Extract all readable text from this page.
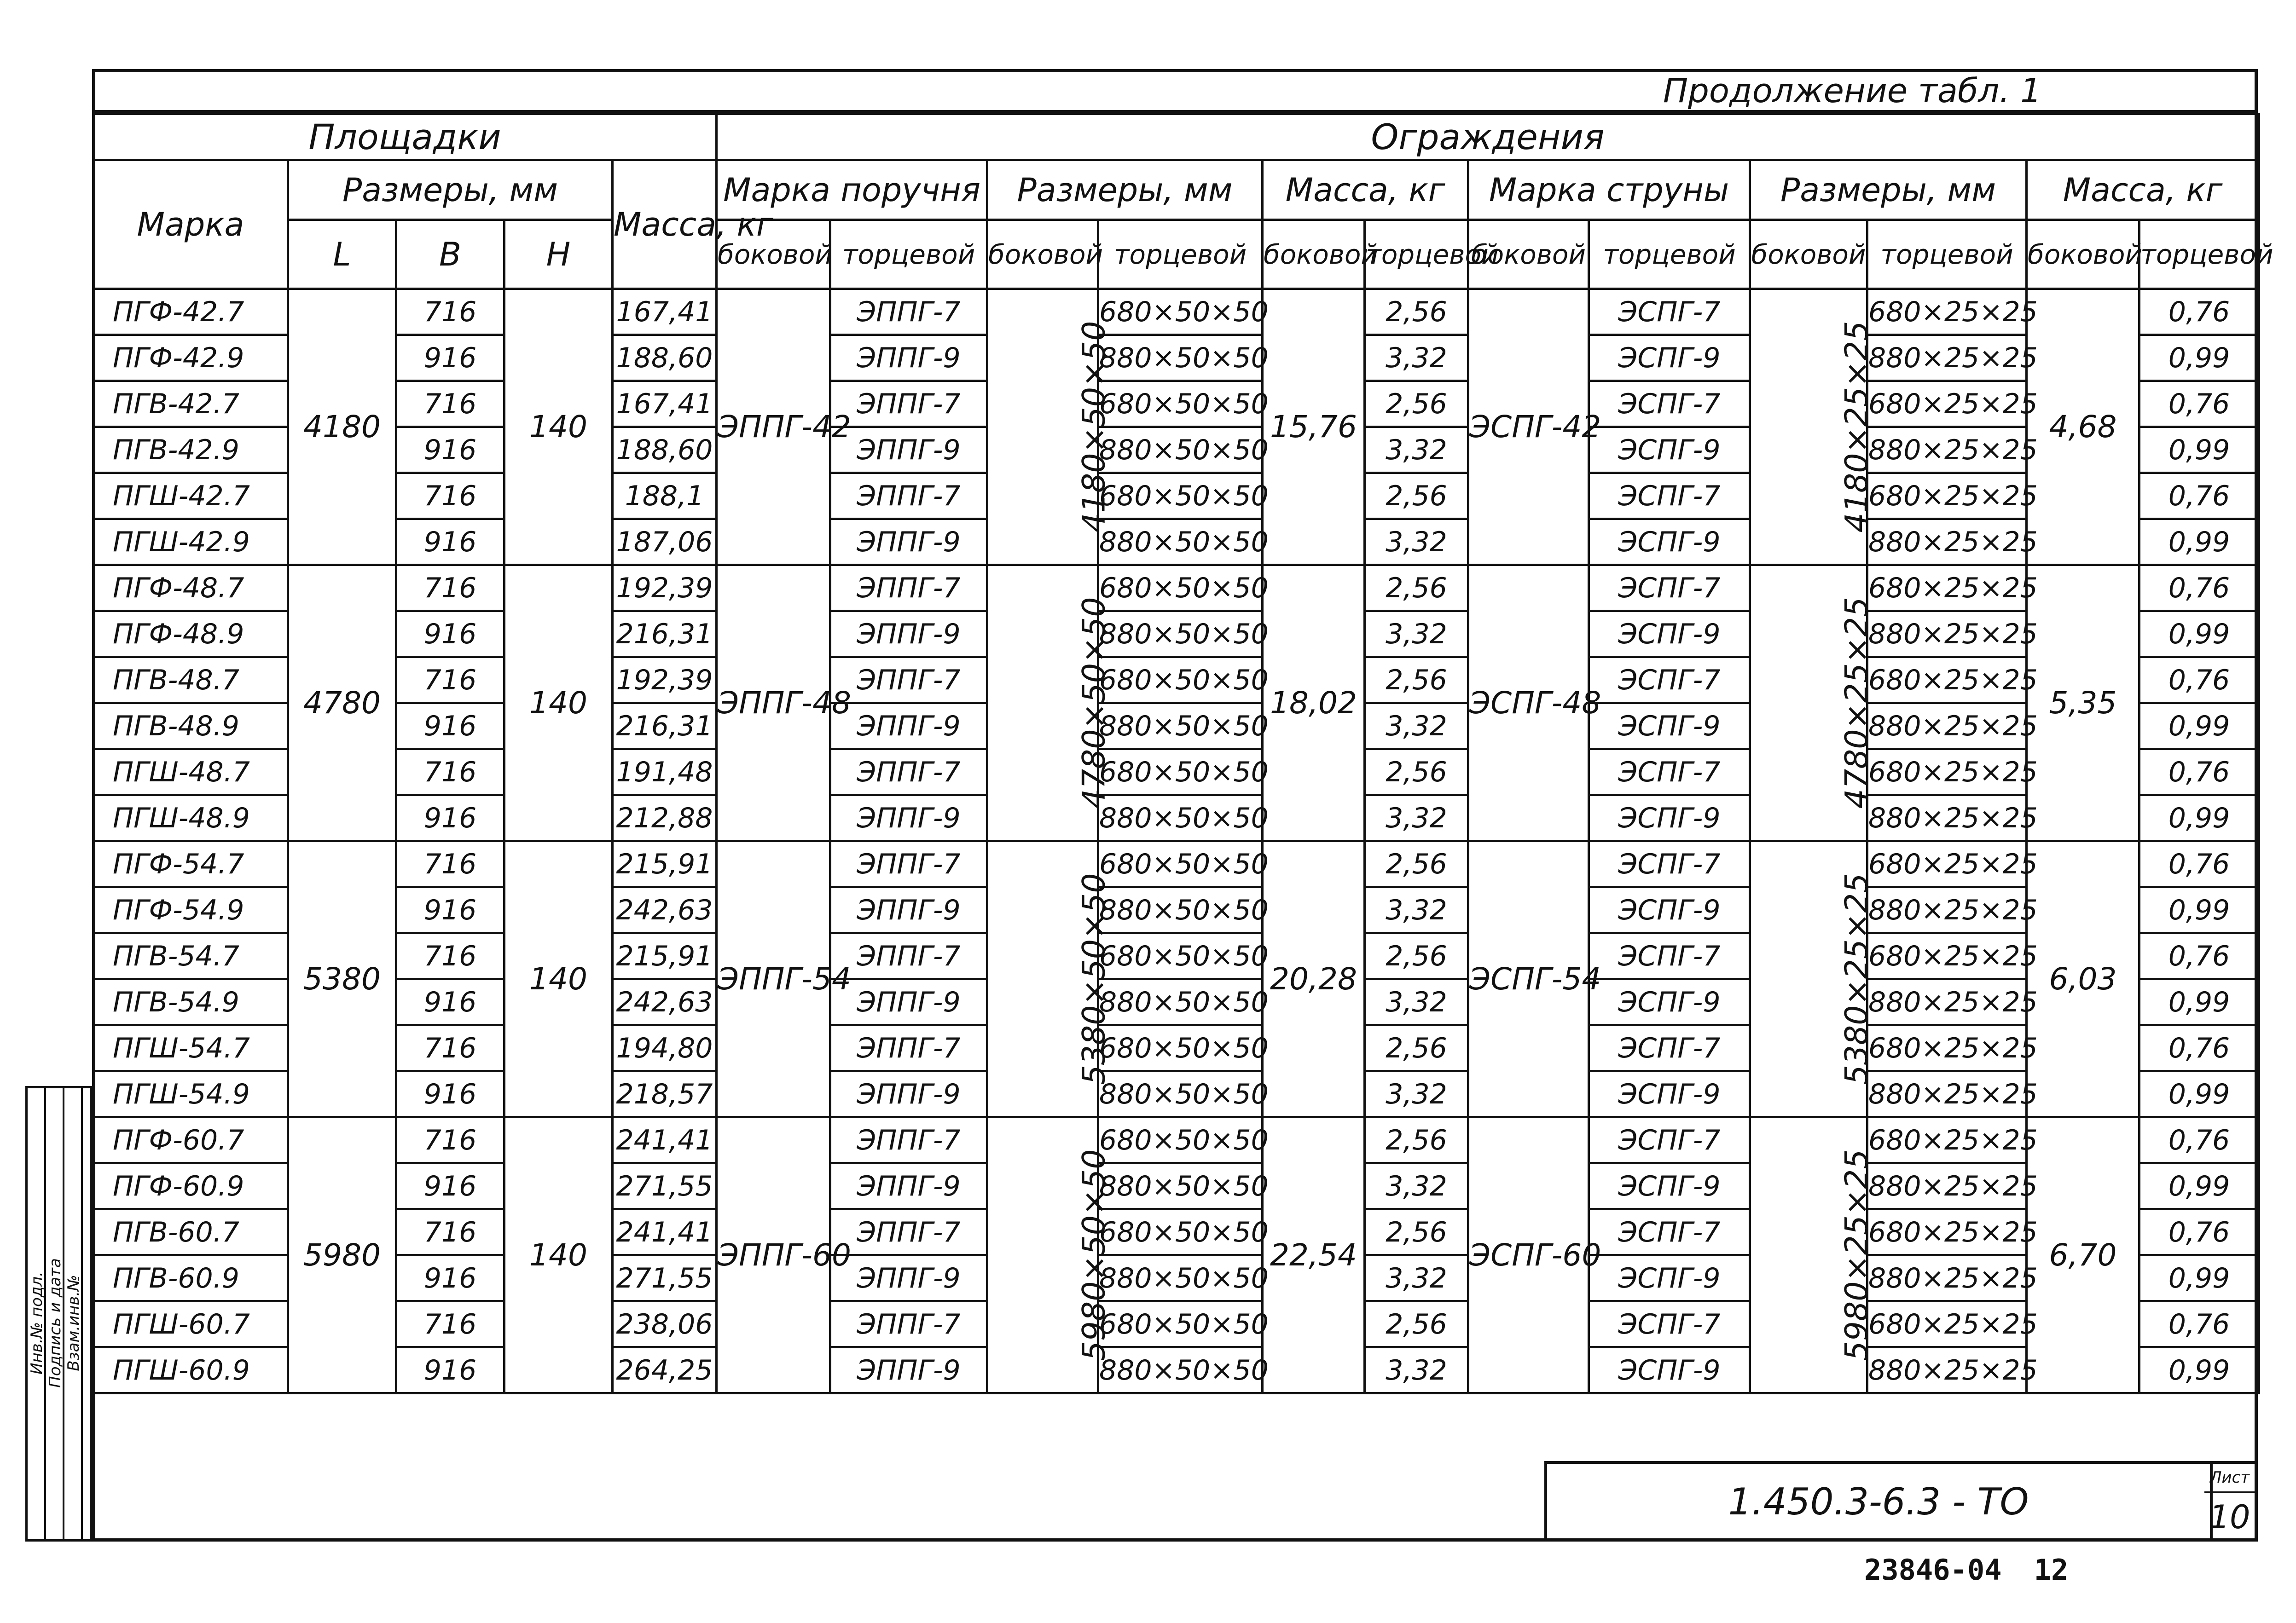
Продолжение табл. 1
Площадки					Ограждения											
Марка	Размеры, мм			Масса, кг	Марка поручня		Размеры, мм		Масса, кг		Марка струны		Размеры, мм		Масса, кг	
	L	B	H		боковой	торцевой	боковой	торцевой	боковой	торцевой	боковой	торцевой	боковой	торцевой	боковой	торцевой
ПГФ-42.7	4180	716	140	167,41	ЭППГ-42	ЭППГ-7	4180×50×50	680×50×50	15,76	2,56	ЭСПГ-42	ЭСПГ-7	4180×25×25	680×25×25	4,68	0,76
ПГФ-42.9		916		188,60		ЭППГ-9		880×50×50		3,32		ЭСПГ-9		880×25×25		0,99
ПГВ-42.7		716		167,41		ЭППГ-7		680×50×50		2,56		ЭСПГ-7		680×25×25		0,76
ПГВ-42.9		916		188,60		ЭППГ-9		880×50×50		3,32		ЭСПГ-9		880×25×25		0,99
ПГШ-42.7		716		188,1		ЭППГ-7		680×50×50		2,56		ЭСПГ-7		680×25×25		0,76
ПГШ-42.9		916		187,06		ЭППГ-9		880×50×50		3,32		ЭСПГ-9		880×25×25		0,99
ПГФ-48.7	4780	716	140	192,39	ЭППГ-48	ЭППГ-7	4780×50×50	680×50×50	18,02	2,56	ЭСПГ-48	ЭСПГ-7	4780×25×25	680×25×25	5,35	0,76
ПГФ-48.9		916		216,31		ЭППГ-9		880×50×50		3,32		ЭСПГ-9		880×25×25		0,99
ПГВ-48.7		716		192,39		ЭППГ-7		680×50×50		2,56		ЭСПГ-7		680×25×25		0,76
ПГВ-48.9		916		216,31		ЭППГ-9		880×50×50		3,32		ЭСПГ-9		880×25×25		0,99
ПГШ-48.7		716		191,48		ЭППГ-7		680×50×50		2,56		ЭСПГ-7		680×25×25		0,76
ПГШ-48.9		916		212,88		ЭППГ-9		880×50×50		3,32		ЭСПГ-9		880×25×25		0,99
ПГФ-54.7	5380	716	140	215,91	ЭППГ-54	ЭППГ-7	5380×50×50	680×50×50	20,28	2,56	ЭСПГ-54	ЭСПГ-7	5380×25×25	680×25×25	6,03	0,76
ПГФ-54.9		916		242,63		ЭППГ-9		880×50×50		3,32		ЭСПГ-9		880×25×25		0,99
ПГВ-54.7		716		215,91		ЭППГ-7		680×50×50		2,56		ЭСПГ-7		680×25×25		0,76
ПГВ-54.9		916		242,63		ЭППГ-9		880×50×50		3,32		ЭСПГ-9		880×25×25		0,99
ПГШ-54.7		716		194,80		ЭППГ-7		680×50×50		2,56		ЭСПГ-7		680×25×25		0,76
ПГШ-54.9		916		218,57		ЭППГ-9		880×50×50		3,32		ЭСПГ-9		880×25×25		0,99
ПГФ-60.7	5980	716	140	241,41	ЭППГ-60	ЭППГ-7	5980×50×50	680×50×50	22,54	2,56	ЭСПГ-60	ЭСПГ-7	5980×25×25	680×25×25	6,70	0,76
ПГФ-60.9		916		271,55		ЭППГ-9		880×50×50		3,32		ЭСПГ-9		880×25×25		0,99
ПГВ-60.7		716		241,41		ЭППГ-7		680×50×50		2,56		ЭСПГ-7		680×25×25		0,76
ПГВ-60.9		916		271,55		ЭППГ-9		880×50×50		3,32		ЭСПГ-9		880×25×25		0,99
ПГШ-60.7		716		238,06		ЭППГ-7		680×50×50		2,56		ЭСПГ-7		680×25×25		0,76
ПГШ-60.9		916		264,25		ЭППГ-9		880×50×50		3,32		ЭСПГ-9		880×25×25		0,99
Инв.№ подл. Подпись и дата Взам.инв.№
1.450.3-6.3 - ТО
Лист
10
23846-04 12
